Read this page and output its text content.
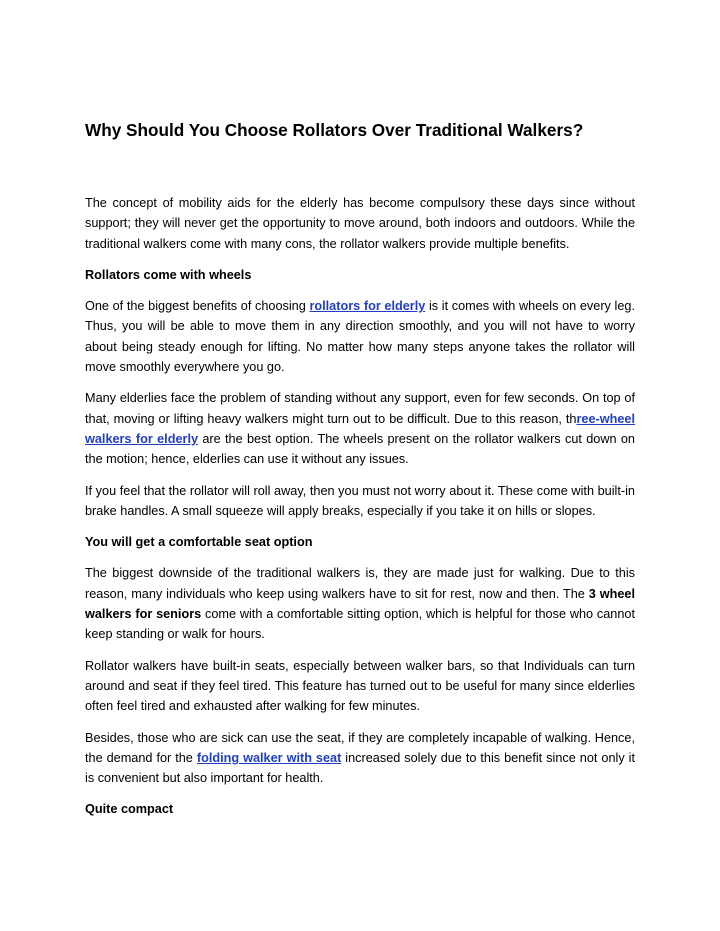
Why Should You Choose Rollators Over Traditional Walkers?

The concept of mobility aids for the elderly has become compulsory these days since without support; they will never get the opportunity to move around, both indoors and outdoors. While the traditional walkers come with many cons, the rollator walkers provide multiple benefits.

Rollators come with wheels

One of the biggest benefits of choosing rollators for elderly is it comes with wheels on every leg. Thus, you will be able to move them in any direction smoothly, and you will not have to worry about being steady enough for lifting. No matter how many steps anyone takes the rollator will move smoothly everywhere you go.

Many elderlies face the problem of standing without any support, even for few seconds. On top of that, moving or lifting heavy walkers might turn out to be difficult. Due to this reason, three-wheel walkers for elderly are the best option. The wheels present on the rollator walkers cut down on the motion; hence, elderlies can use it without any issues.

If you feel that the rollator will roll away, then you must not worry about it. These come with built-in brake handles. A small squeeze will apply breaks, especially if you take it on hills or slopes.

You will get a comfortable seat option

The biggest downside of the traditional walkers is, they are made just for walking. Due to this reason, many individuals who keep using walkers have to sit for rest, now and then. The 3 wheel walkers for seniors come with a comfortable sitting option, which is helpful for those who cannot keep standing or walk for hours.

Rollator walkers have built-in seats, especially between walker bars, so that Individuals can turn around and seat if they feel tired. This feature has turned out to be useful for many since elderlies often feel tired and exhausted after walking for few minutes.

Besides, those who are sick can use the seat, if they are completely incapable of walking. Hence, the demand for the folding walker with seat increased solely due to this benefit since not only it is convenient but also important for health.

Quite compact
